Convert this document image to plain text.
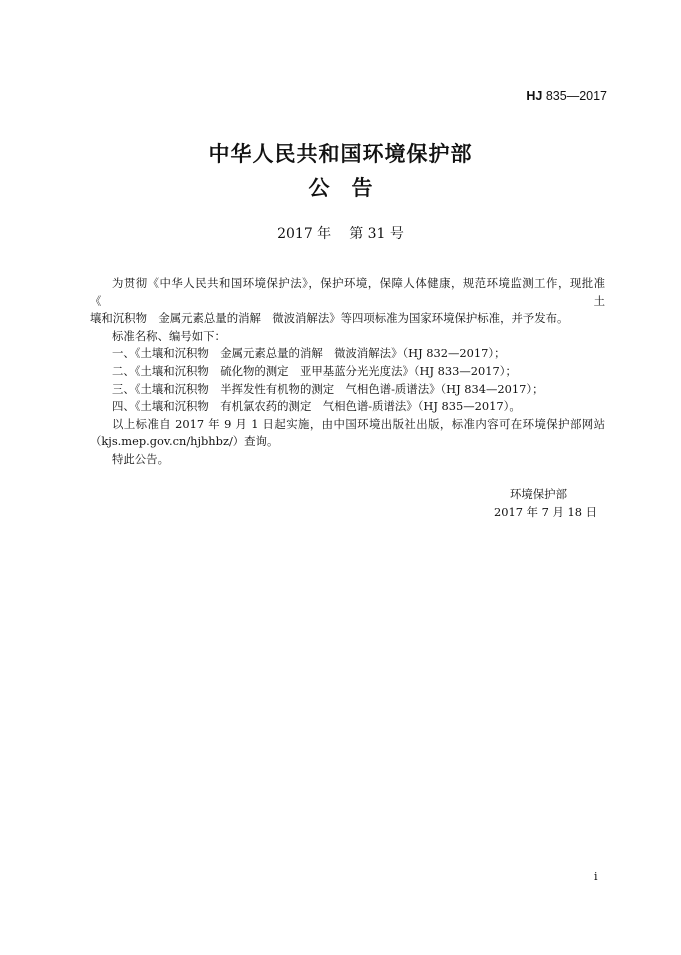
HJ 835—2017
中华人民共和国环境保护部
公告
2017 年 第 31 号

为贯彻《中华人民共和国环境保护法》，保护环境，保障人体健康，规范环境监测工作，现批准《土

壤和沉积物　金属元素总量的消解　微波消解法》等四项标准为国家环境保护标准，并予发布。

标准名称、编号如下：

一、《土壤和沉积物　金属元素总量的消解　微波消解法》（HJ 832—2017）；

二、《土壤和沉积物　硫化物的测定　亚甲基蓝分光光度法》（HJ 833—2017）；

三、《土壤和沉积物　半挥发性有机物的测定　气相色谱-质谱法》（HJ 834—2017）；

四、《土壤和沉积物　有机氯农药的测定　气相色谱-质谱法》（HJ 835—2017）。

以上标准自 2017 年 9 月 1 日起实施，由中国环境出版社出版，标准内容可在环境保护部网站

（kjs.mep.gov.cn/hjbhbz/）查询。

特此公告。

环境保护部
2017 年 7 月 18 日
i
